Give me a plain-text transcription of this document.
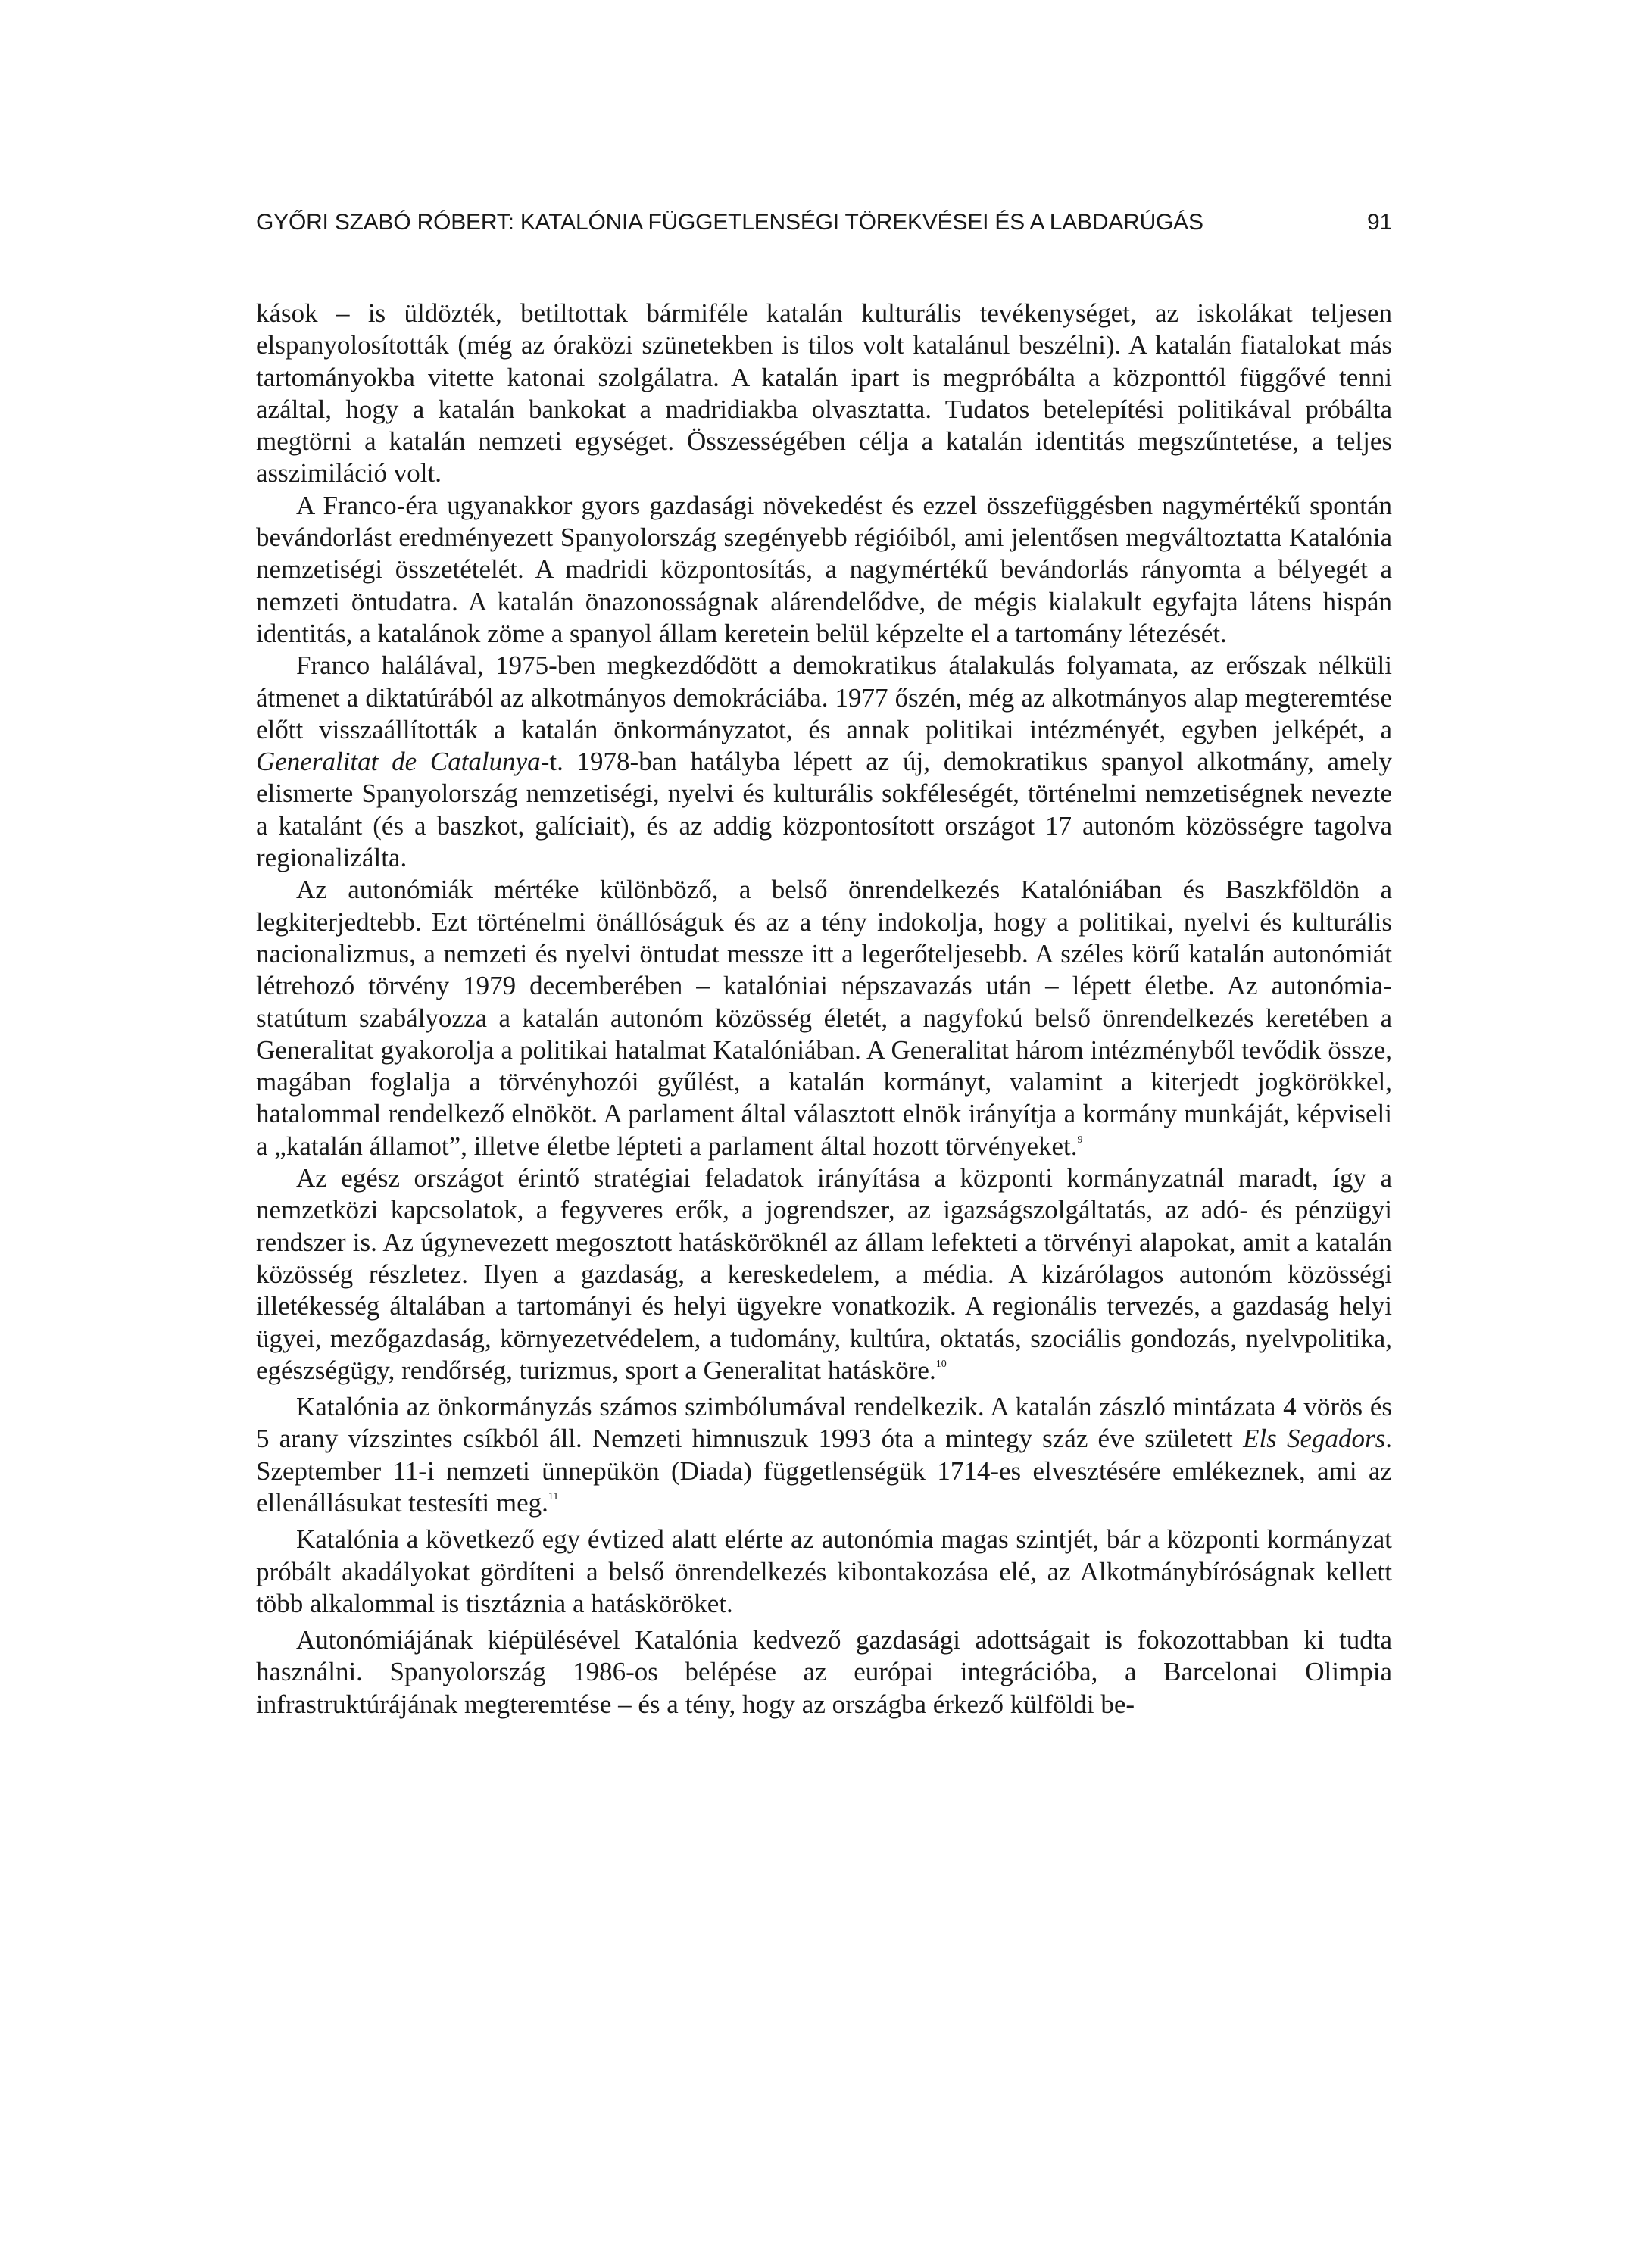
GYŐRI SZABÓ RÓBERT: KATALÓNIA FÜGGETLENSÉGI TÖREKVÉSEI ÉS A LABDARÚGÁS	91

kások – is üldözték, betiltottak bármiféle katalán kulturális tevékenységet, az iskolákat teljesen elspanyolosították (még az óraközi szünetekben is tilos volt katalánul beszélni). A katalán fiatalokat más tartományokba vitette katonai szolgálatra. A katalán ipart is megpróbálta a központtól függővé tenni azáltal, hogy a katalán bankokat a madridiakba olvasztatta. Tudatos betelepítési politikával próbálta megtörni a katalán nemzeti egységet. Összességében célja a katalán identitás megszűntetése, a teljes asszimiláció volt.

A Franco-éra ugyanakkor gyors gazdasági növekedést és ezzel összefüggésben nagymértékű spontán bevándorlást eredményezett Spanyolország szegényebb régióiból, ami jelentősen megváltoztatta Katalónia nemzetiségi összetételét. A madridi központosítás, a nagymértékű bevándorlás rányomta a bélyegét a nemzeti öntudatra. A katalán önazonosságnak alárendelődve, de mégis kialakult egyfajta látens hispán identitás, a katalánok zöme a spanyol állam keretein belül képzelte el a tartomány létezését.

Franco halálával, 1975-ben megkezdődött a demokratikus átalakulás folyamata, az erőszak nélküli átmenet a diktatúrából az alkotmányos demokráciába. 1977 őszén, még az alkotmányos alap megteremtése előtt visszaállították a katalán önkormányzatot, és annak politikai intézményét, egyben jelképét, a Generalitat de Catalunya-t. 1978-ban hatályba lépett az új, demokratikus spanyol alkotmány, amely elismerte Spanyolország nemzetiségi, nyelvi és kulturális sokféleségét, történelmi nemzetiségnek nevezte a katalánt (és a baszkot, galíciait), és az addig központosított országot 17 autonóm közösségre tagolva regionalizálta.

Az autonómiák mértéke különböző, a belső önrendelkezés Katalóniában és Baszkföldön a legkiterjedtebb. Ezt történelmi önállóságuk és az a tény indokolja, hogy a politikai, nyelvi és kulturális nacionalizmus, a nemzeti és nyelvi öntudat messze itt a legerőteljesebb. A széles körű katalán autonómiát létrehozó törvény 1979 decemberében – katalóniai népszavazás után – lépett életbe. Az autonómia-statútum szabályozza a katalán autonóm közösség életét, a nagyfokú belső önrendelkezés keretében a Generalitat gyakorolja a politikai hatalmat Katalóniában. A Generalitat három intézményből tevődik össze, magában foglalja a törvényhozói gyűlést, a katalán kormányt, valamint a kiterjedt jogkörökkel, hatalommal rendelkező elnököt. A parlament által választott elnök irányítja a kormány munkáját, képviseli a „katalán államot”, illetve életbe lépteti a parlament által hozott törvényeket.$^9$

Az egész országot érintő stratégiai feladatok irányítása a központi kormányzatnál maradt, így a nemzetközi kapcsolatok, a fegyveres erők, a jogrendszer, az igazságszolgáltatás, az adó- és pénzügyi rendszer is. Az úgynevezett megosztott hatásköröknél az állam lefekteti a törvényi alapokat, amit a katalán közösség részletez. Ilyen a gazdaság, a kereskedelem, a média. A kizárólagos autonóm közösségi illetékesség általában a tartományi és helyi ügyekre vonatkozik. A regionális tervezés, a gazdaság helyi ügyei, mezőgazdaság, környezetvédelem, a tudomány, kultúra, oktatás, szociális gondozás, nyelvpolitika, egészségügy, rendőrség, turizmus, sport a Generalitat hatásköre.$^{10}$

Katalónia az önkormányzás számos szimbólumával rendelkezik. A katalán zászló mintázata 4 vörös és 5 arany vízszintes csíkból áll. Nemzeti himnuszuk 1993 óta a mintegy száz éve született Els Segadors. Szeptember 11-i nemzeti ünnepükön (Diada) függetlenségük 1714-es elvesztésére emlékeznek, ami az ellenállásukat testesíti meg.$^{11}$

Katalónia a következő egy évtized alatt elérte az autonómia magas szintjét, bár a központi kormányzat próbált akadályokat gördíteni a belső önrendelkezés kibontakozása elé, az Alkotmánybíróságnak kellett több alkalommal is tisztáznia a hatásköröket.

Autonómiájának kiépülésével Katalónia kedvező gazdasági adottságait is fokozottabban ki tudta használni. Spanyolország 1986-os belépése az európai integrációba, a Barcelonai Olimpia infrastruktúrájának megteremtése – és a tény, hogy az országba érkező külföldi be-
